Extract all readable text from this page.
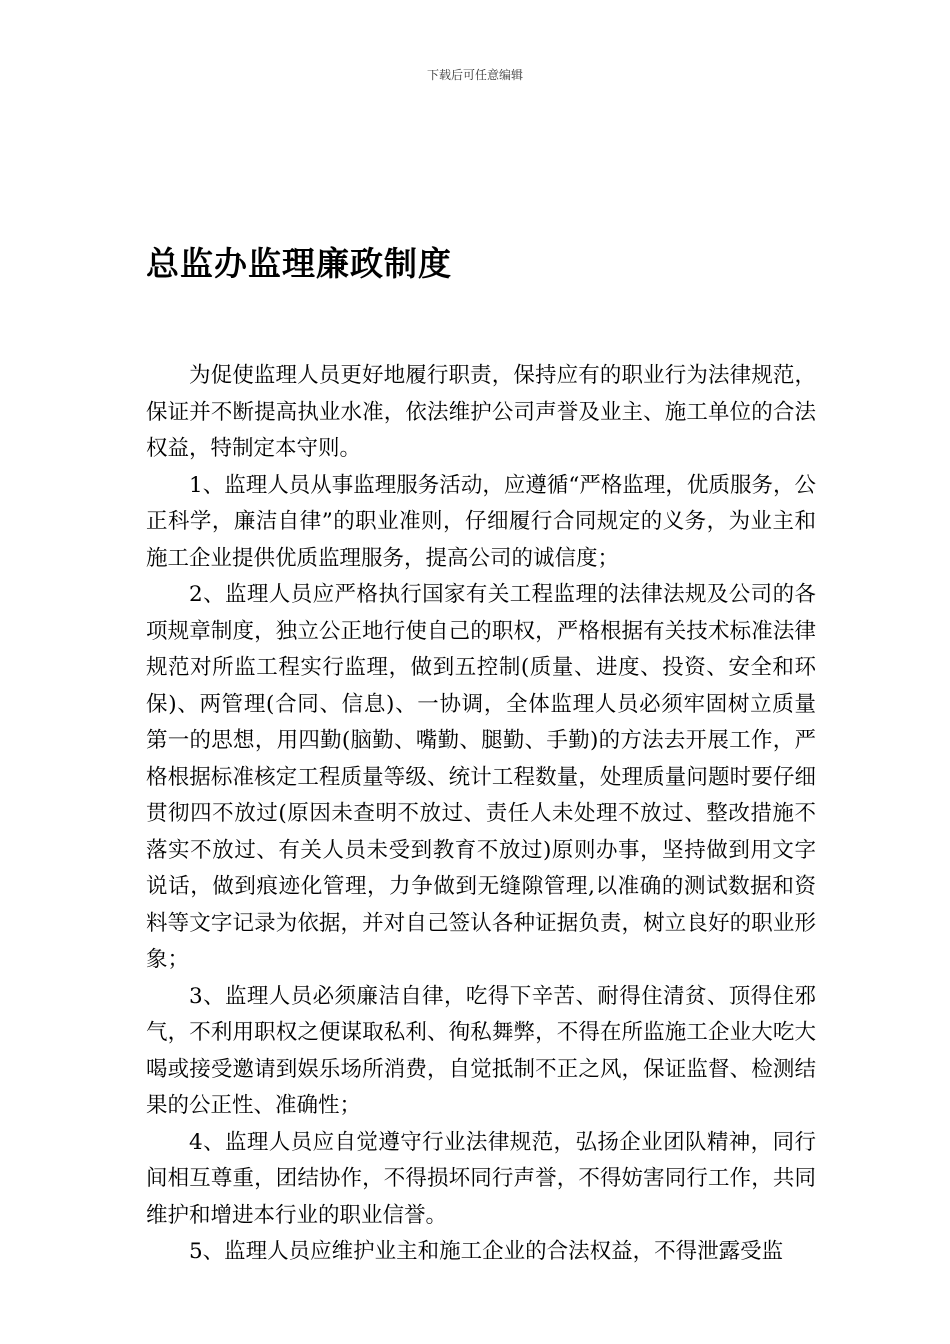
下载后可任意编辑
总监办监理廉政制度

为促使监理人员更好地履行职责，保持应有的职业行为法律规范，保证并不断提高执业水准，依法维护公司声誉及业主、施工单位的合法权益，特制定本守则。

1、监理人员从事监理服务活动，应遵循“严格监理，优质服务，公正科学，廉洁自律”的职业准则，仔细履行合同规定的义务，为业主和施工企业提供优质监理服务，提高公司的诚信度；

2、监理人员应严格执行国家有关工程监理的法律法规及公司的各项规章制度，独立公正地行使自己的职权，严格根据有关技术标准法律规范对所监工程实行监理，做到五控制(质量、进度、投资、安全和环保)、两管理(合同、信息)、一协调，全体监理人员必须牢固树立质量第一的思想，用四勤(脑勤、嘴勤、腿勤、手勤)的方法去开展工作，严格根据标准核定工程质量等级、统计工程数量，处理质量问题时要仔细贯彻四不放过(原因未查明不放过、责任人未处理不放过、整改措施不落实不放过、有关人员未受到教育不放过)原则办事，坚持做到用文字说话，做到痕迹化管理，力争做到无缝隙管理,以准确的测试数据和资料等文字记录为依据，并对自己签认各种证据负责，树立良好的职业形象；

3、监理人员必须廉洁自律，吃得下辛苦、耐得住清贫、顶得住邪气，不利用职权之便谋取私利、徇私舞弊，不得在所监施工企业大吃大喝或接受邀请到娱乐场所消费，自觉抵制不正之风，保证监督、检测结果的公正性、准确性；

4、监理人员应自觉遵守行业法律规范，弘扬企业团队精神，同行间相互尊重，团结协作，不得损坏同行声誉，不得妨害同行工作，共同维护和增进本行业的职业信誉。

5、监理人员应维护业主和施工企业的合法权益，不得泄露受监
